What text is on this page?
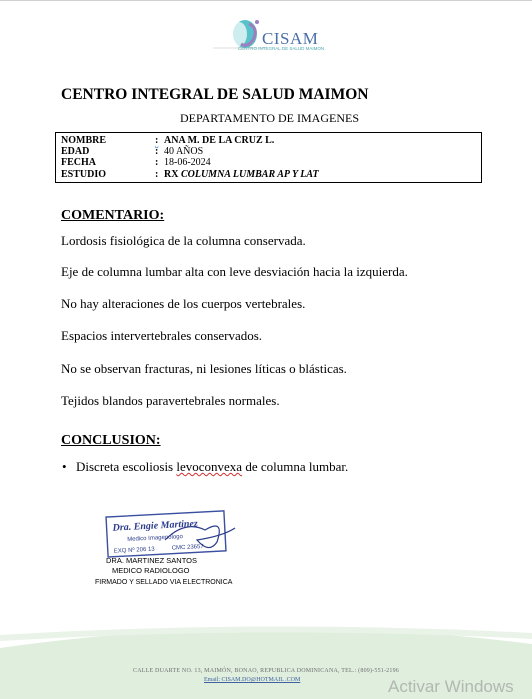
CISAM
CENTRO INTEGRAL DE SALUD MAIMON
CENTRO INTEGRAL DE SALUD MAIMON
DEPARTAMENTO DE IMAGENES
NOMBRE	: ANA M. DE LA CRUZ L.
EDAD	: 40 AÑOS
FECHA	: 18-06-2024
ESTUDIO	: RX COLUMNA LUMBAR AP Y LAT
COMENTARIO:
Lordosis fisiológica de la columna conservada.
Eje de columna lumbar alta con leve desviación hacia la izquierda.
No hay alteraciones de los cuerpos vertebrales.
Espacios intervertebrales conservados.
No se observan fracturas, ni lesiones líticas o blásticas.
Tejidos blandos paravertebrales normales.
CONCLUSION:
• Discreta escoliosis levoconvexa de columna lumbar.
Dra. Engie Martinez
Medico Imagenologo
EXQ Nº 206 13	CMC 23657
DRA. MARTINEZ SANTOS
MEDICO RADIOLOGO
FIRMADO Y SELLADO VIA ELECTRONICA
CALLE DUARTE NO. 13, MAIMÓN, BONAO, REPUBLICA DOMINICANA, TEL.: (809)-551-2196
Email: CISAM.DO@HOTMAIL .COM	Activar Windows
